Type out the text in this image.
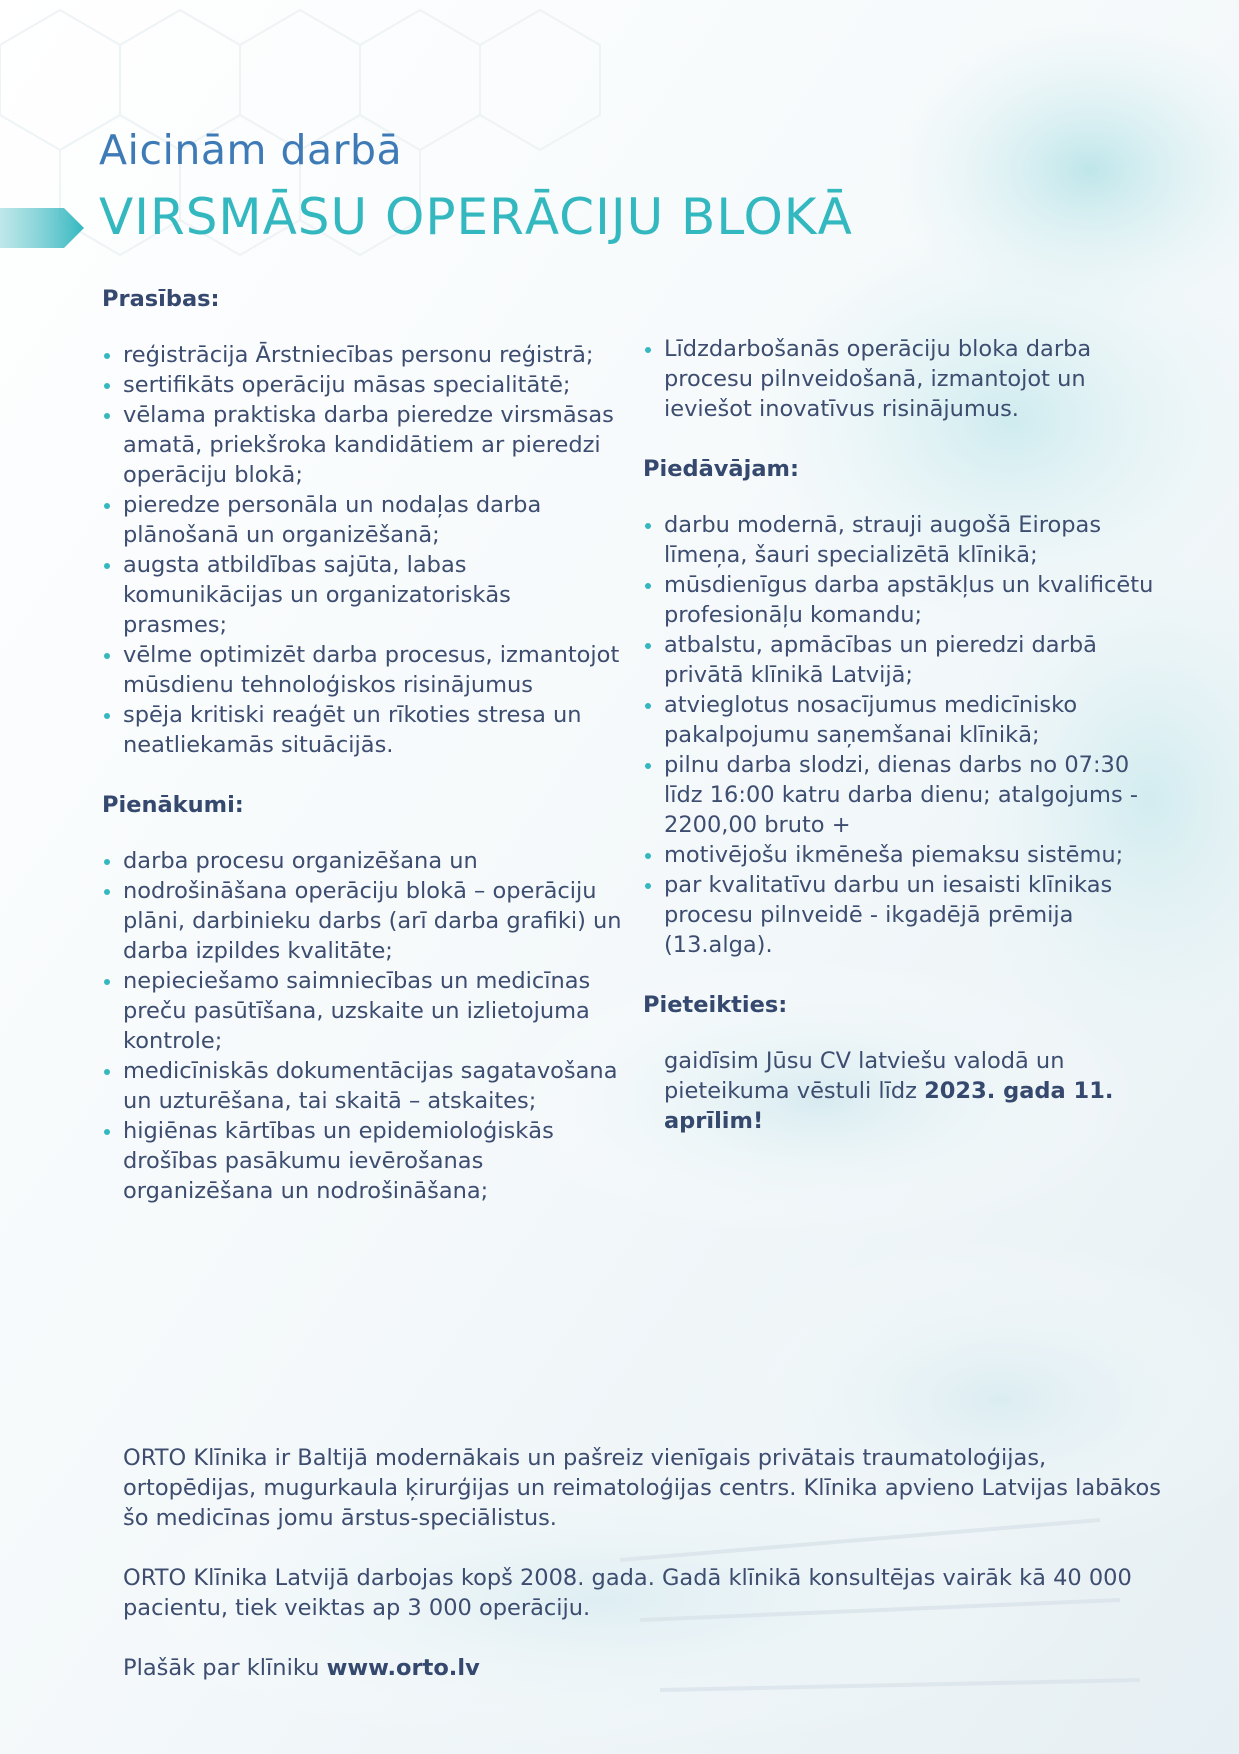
Aicinām darbā
VIRSMĀSU OPERĀCIJU BLOKĀ
Prasības:
reģistrācija Ārstniecības personu reģistrā;
sertifikāts operāciju māsas specialitātē;
vēlama praktiska darba pieredze virsmāsas amatā, priekšroka kandidātiem ar pieredzi operāciju blokā;
pieredze personāla un nodaļas darba plānošanā un organizēšanā;
augsta atbildības sajūta, labas komunikācijas un organizatoriskās prasmes;
vēlme optimizēt darba procesus, izmantojot mūsdienu tehnoloģiskos risinājumus
spēja kritiski reaģēt un rīkoties stresa un neatliekamās situācijās.
Pienākumi:
darba procesu organizēšana un
nodrošināšana operāciju blokā – operāciju plāni, darbinieku darbs (arī darba grafiki) un darba izpildes kvalitāte;
nepieciešamo saimniecības un medicīnas preču pasūtīšana, uzskaite un izlietojuma kontrole;
medicīniskās dokumentācijas sagatavošana un uzturēšana, tai skaitā – atskaites;
higiēnas kārtības un epidemioloģiskās drošības pasākumu ievērošanas organizēšana un nodrošināšana;
Līdzdarbošanās operāciju bloka darba procesu pilnveidošanā, izmantojot un ieviešot inovatīvus risinājumus.
Piedāvājam:
darbu modernā, strauji augošā Eiropas līmeņa, šauri specializētā klīnikā;
mūsdienīgus darba apstākļus un kvalificētu profesionāļu komandu;
atbalstu, apmācības un pieredzi darbā privātā klīnikā Latvijā;
atvieglotus nosacījumus medicīnisko pakalpojumu saņemšanai klīnikā;
pilnu darba slodzi, dienas darbs no 07:30 līdz 16:00 katru darba dienu; atalgojums - 2200,00 bruto +
motivējošu ikmēneša piemaksu sistēmu;
par kvalitatīvu darbu un iesaisti klīnikas procesu pilnveidē - ikgadējā prēmija (13.alga).
Pieteikties:
gaidīsim Jūsu CV latviešu valodā un pieteikuma vēstuli līdz 2023. gada 11. aprīlim!

ORTO Klīnika ir Baltijā modernākais un pašreiz vienīgais privātais traumatoloģijas, ortopēdijas, mugurkaula ķirurģijas un reimatoloģijas centrs. Klīnika apvieno Latvijas labākos šo medicīnas jomu ārstus-speciālistus.

ORTO Klīnika Latvijā darbojas kopš 2008. gada. Gadā klīnikā konsultējas vairāk kā 40 000 pacientu, tiek veiktas ap 3 000 operāciju.

Plašāk par klīniku www.orto.lv
